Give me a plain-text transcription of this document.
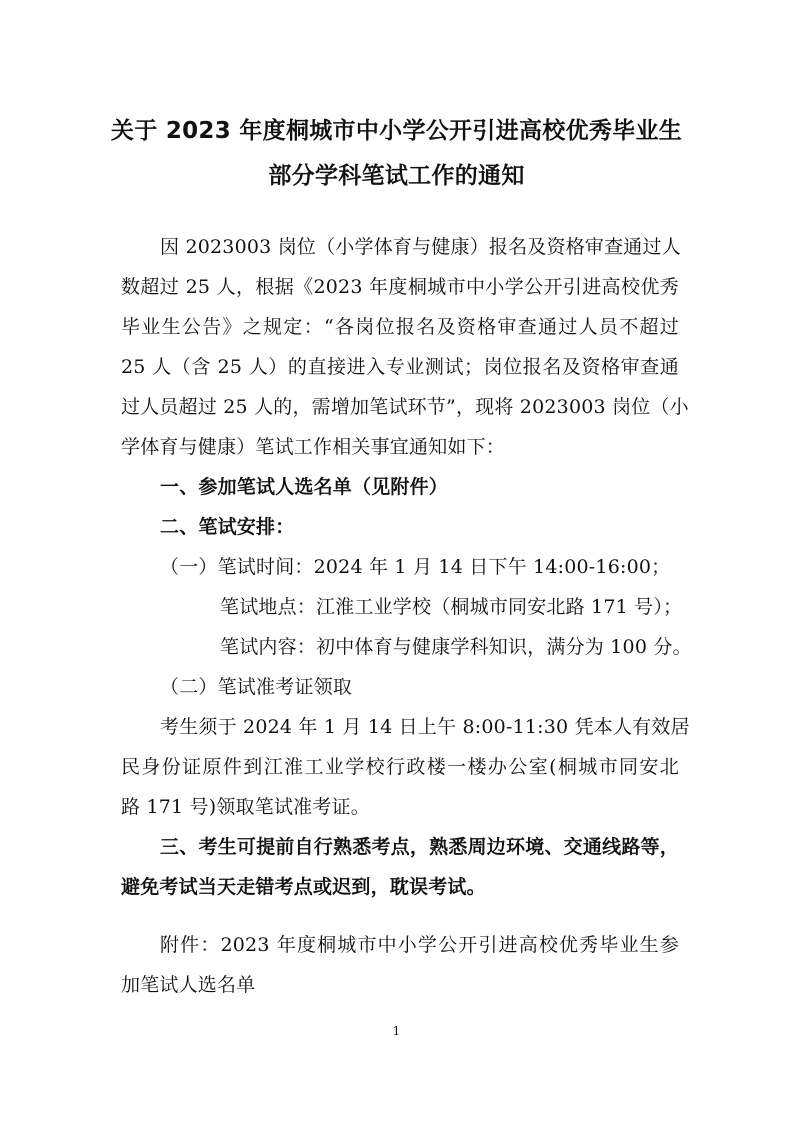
关于 2023 年度桐城市中小学公开引进高校优秀毕业生
部分学科笔试工作的通知
因 2023003 岗位（小学体育与健康）报名及资格审查通过人
数超过 25 人，根据《2023 年度桐城市中小学公开引进高校优秀
毕业生公告》之规定：“各岗位报名及资格审查通过人员不超过
25 人（含 25 人）的直接进入专业测试；岗位报名及资格审查通
过人员超过 25 人的，需增加笔试环节”，现将 2023003 岗位（小
学体育与健康）笔试工作相关事宜通知如下：
一、参加笔试人选名单（见附件）
二、笔试安排：
（一）笔试时间：2024 年 1 月 14 日下午 14:00-16:00；
笔试地点：江淮工业学校（桐城市同安北路 171 号）；
笔试内容：初中体育与健康学科知识，满分为 100 分。
（二）笔试准考证领取
考生须于 2024 年 1 月 14 日上午 8:00-11:30 凭本人有效居
民身份证原件到江淮工业学校行政楼一楼办公室(桐城市同安北
路 171 号)领取笔试准考证。
三、考生可提前自行熟悉考点，熟悉周边环境、交通线路等，
避免考试当天走错考点或迟到，耽误考试。
附件：2023 年度桐城市中小学公开引进高校优秀毕业生参
加笔试人选名单
1
